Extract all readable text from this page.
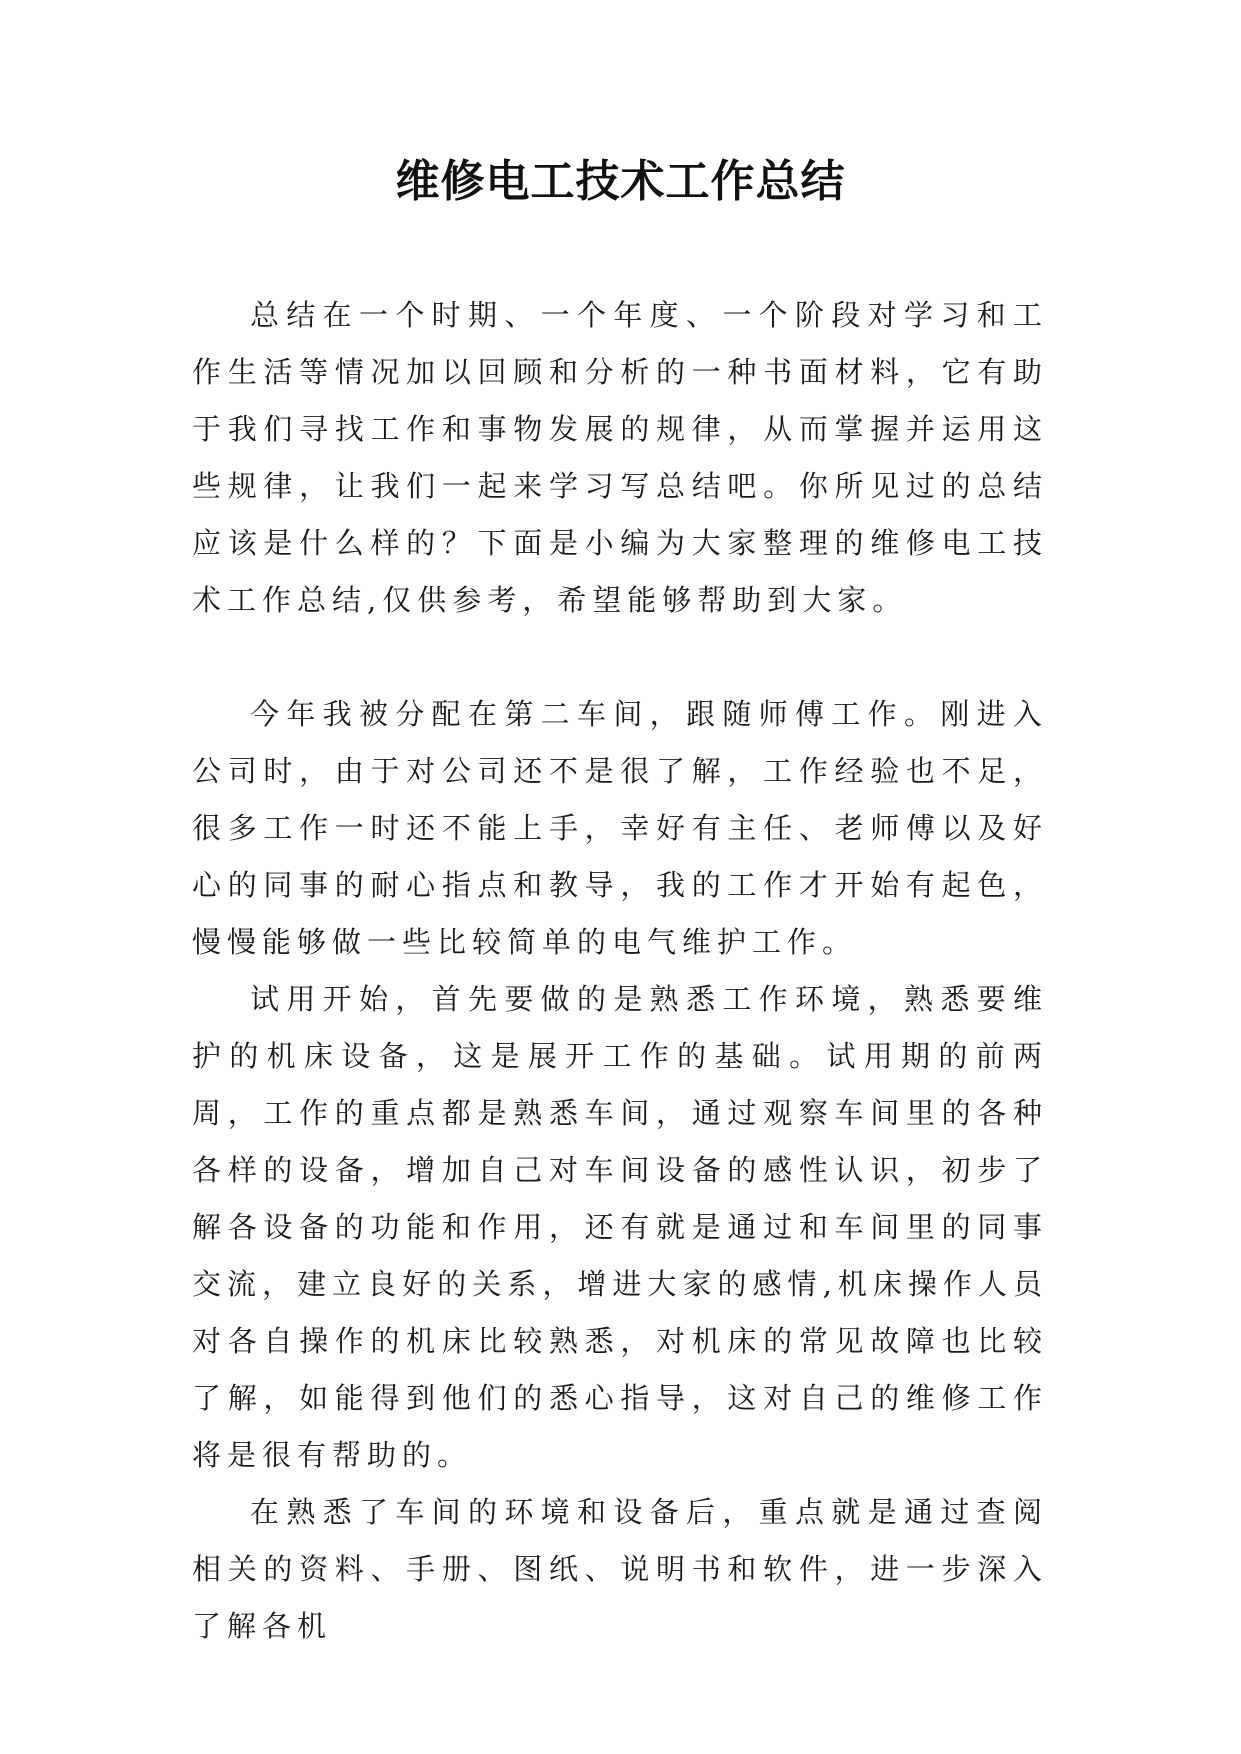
维修电工技术工作总结

总结在一个时期、一个年度、一个阶段对学习和工作生活等情况加以回顾和分析的一种书面材料，它有助于我们寻找工作和事物发展的规律，从而掌握并运用这些规律，让我们一起来学习写总结吧。你所见过的总结应该是什么样的？下面是小编为大家整理的维修电工技术工作总结,仅供参考，希望能够帮助到大家。

今年我被分配在第二车间，跟随师傅工作。刚进入公司时，由于对公司还不是很了解，工作经验也不足，很多工作一时还不能上手，幸好有主任、老师傅以及好心的同事的耐心指点和教导，我的工作才开始有起色，慢慢能够做一些比较简单的电气维护工作。

试用开始，首先要做的是熟悉工作环境，熟悉要维护的机床设备，这是展开工作的基础。试用期的前两周，工作的重点都是熟悉车间，通过观察车间里的各种各样的设备，增加自己对车间设备的感性认识，初步了解各设备的功能和作用，还有就是通过和车间里的同事交流，建立良好的关系，增进大家的感情,机床操作人员对各自操作的机床比较熟悉，对机床的常见故障也比较了解，如能得到他们的悉心指导，这对自己的维修工作将是很有帮助的。

在熟悉了车间的环境和设备后，重点就是通过查阅相关的资料、手册、图纸、说明书和软件，进一步深入了解各机
